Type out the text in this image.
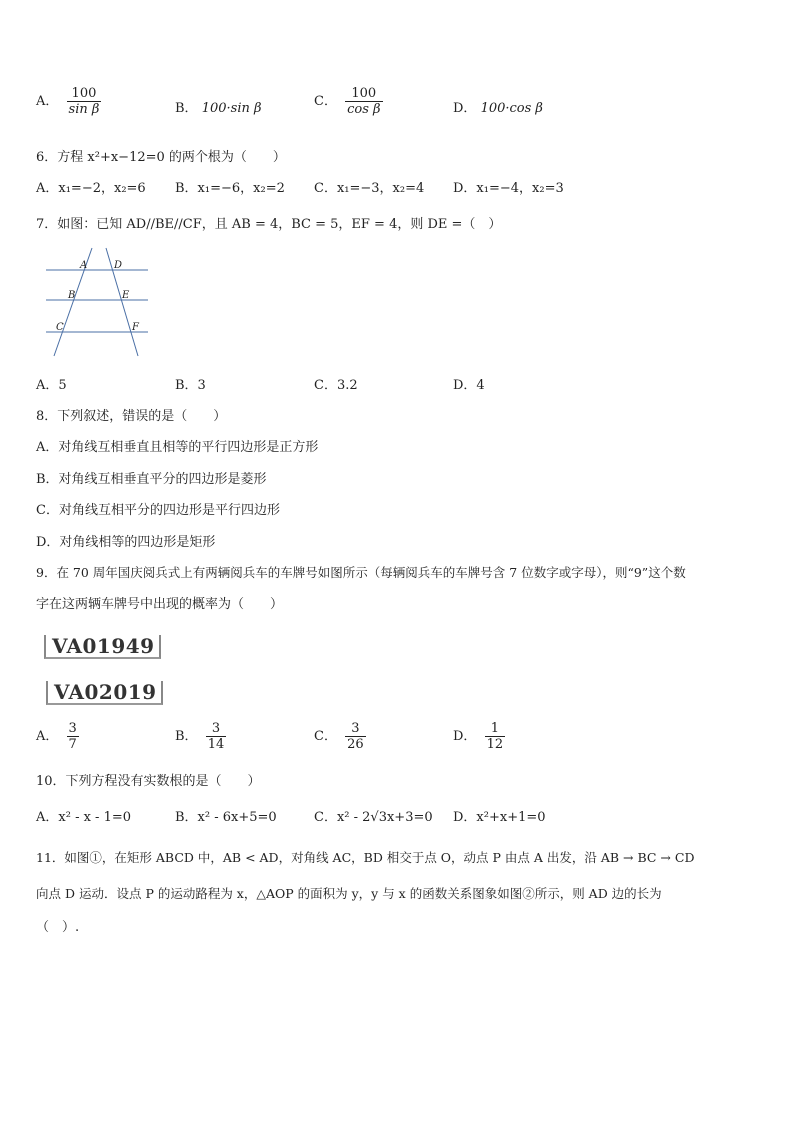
A． $\frac{100}{\text{sin β}}$	B． 100·sin β	C． $\frac{100}{\text{cos β}}$	D． 100·cos β
6．方程 x²+x−12=0 的两个根为（　　）
A．x₁=−2，x₂=6 B．x₁=−6，x₂=2 C．x₁=−3，x₂=4 D．x₁=−4，x₂=3
7．如图：已知 AD//BE//CF，且 AB = 4，BC = 5，EF = 4，则 DE =（　）
A	D
B	E
C	F
A．5	B．3	C．3.2	D．4
8．下列叙述，错误的是（　　）
A．对角线互相垂直且相等的平行四边形是正方形
B．对角线互相垂直平分的四边形是菱形
C．对角线互相平分的四边形是平行四边形
D．对角线相等的四边形是矩形
9．在 70 周年国庆阅兵式上有两辆阅兵车的车牌号如图所示（每辆阅兵车的车牌号含 7 位数字或字母），则“9”这个数
字在这两辆车牌号中出现的概率为（　　）
VA01949
VA02019
A． $\frac{3}{7}$	B． $\frac{3}{14}$	C． $\frac{3}{26}$	D． $\frac{1}{12}$
10．下列方程没有实数根的是（　　）
A．x² - x - 1=0	B．x² - 6x+5=0	C．x² - 2√3x+3=0 D．x²+x+1=0
11．如图①，在矩形 ABCD 中，AB < AD，对角线 AC，BD 相交于点 O，动点 P 由点 A 出发，沿 AB → BC → CD
向点 D 运动．设点 P 的运动路程为 x，△AOP 的面积为 y，y 与 x 的函数关系图象如图②所示，则 AD 边的长为
（　）.
